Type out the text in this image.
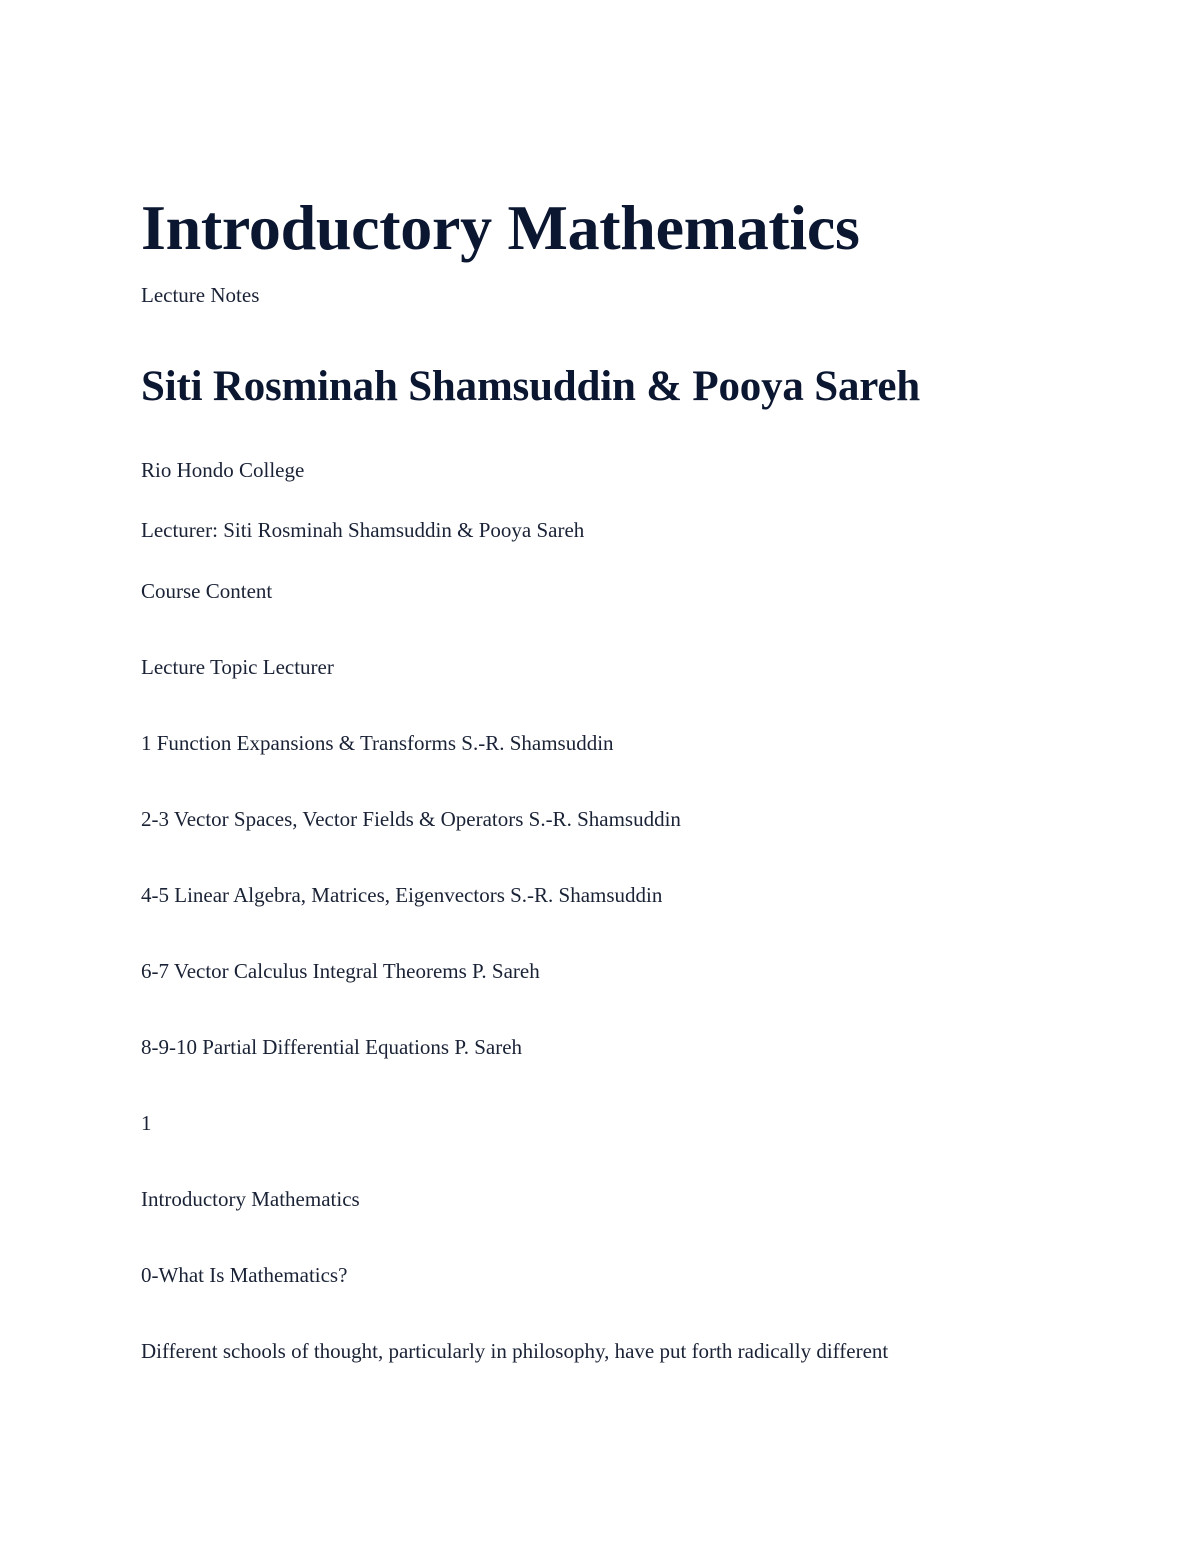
Introductory Mathematics

Lecture Notes

Siti Rosminah Shamsuddin & Pooya Sareh

Rio Hondo College

Lecturer: Siti Rosminah Shamsuddin & Pooya Sareh

Course Content

Lecture Topic Lecturer

1 Function Expansions & Transforms S.-R. Shamsuddin

2-3 Vector Spaces, Vector Fields & Operators S.-R. Shamsuddin

4-5 Linear Algebra, Matrices, Eigenvectors S.-R. Shamsuddin

6-7 Vector Calculus Integral Theorems P. Sareh

8-9-10 Partial Differential Equations P. Sareh

1

Introductory Mathematics

0-What Is Mathematics?

Different schools of thought, particularly in philosophy, have put forth radically different
